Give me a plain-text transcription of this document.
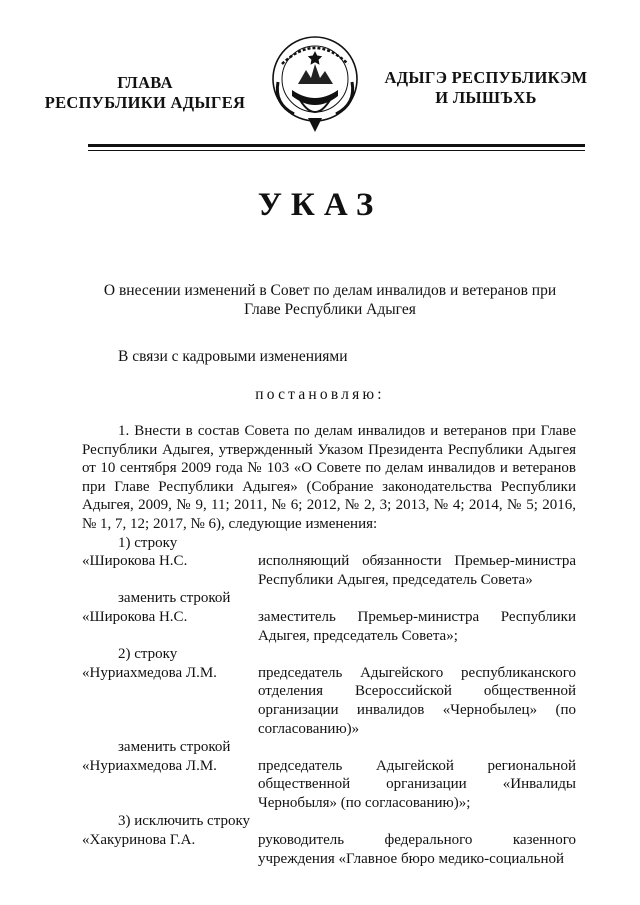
ГЛАВА
РЕСПУБЛИКИ АДЫГЕЯ
АДЫГЭ РЕСПУБЛИКЭМ
И ЛЫШЪХЬ
УКАЗ
О внесении изменений в Совет по делам инвалидов и ветеранов при Главе Республики Адыгея
В связи с кадровыми изменениями
постановляю:

1. Внести в состав Совета по делам инвалидов и ветеранов при Главе Республики Адыгея, утвержденный Указом Президента Республики Адыгея от 10 сентября 2009 года № 103 «О Совете по делам инвалидов и ветеранов при Главе Республики Адыгея» (Собрание законодательства Республики Адыгея, 2009, № 9, 11; 2011, № 6; 2012, № 2, 3; 2013, № 4; 2014, № 5; 2016, № 1, 7, 12; 2017, № 6), следующие изменения:

1) строку

«Широкова Н.С.	исполняющий обязанности Премьер-министра Республики Адыгея, председатель Совета»

заменить строкой

«Широкова Н.С.	заместитель Премьер-министра Республики Адыгея, председатель Совета»;

2) строку

«Нуриахмедова Л.М.	председатель Адыгейского республиканского отделения Всероссийской общественной организации инвалидов «Чернобылец» (по согласованию)»

заменить строкой

«Нуриахмедова Л.М.	председатель Адыгейской региональной общественной организации «Инвалиды Чернобыля» (по согласованию)»;

3) исключить строку

«Хакуринова Г.А.	руководитель федерального казенного учреждения «Главное бюро медико-социальной
